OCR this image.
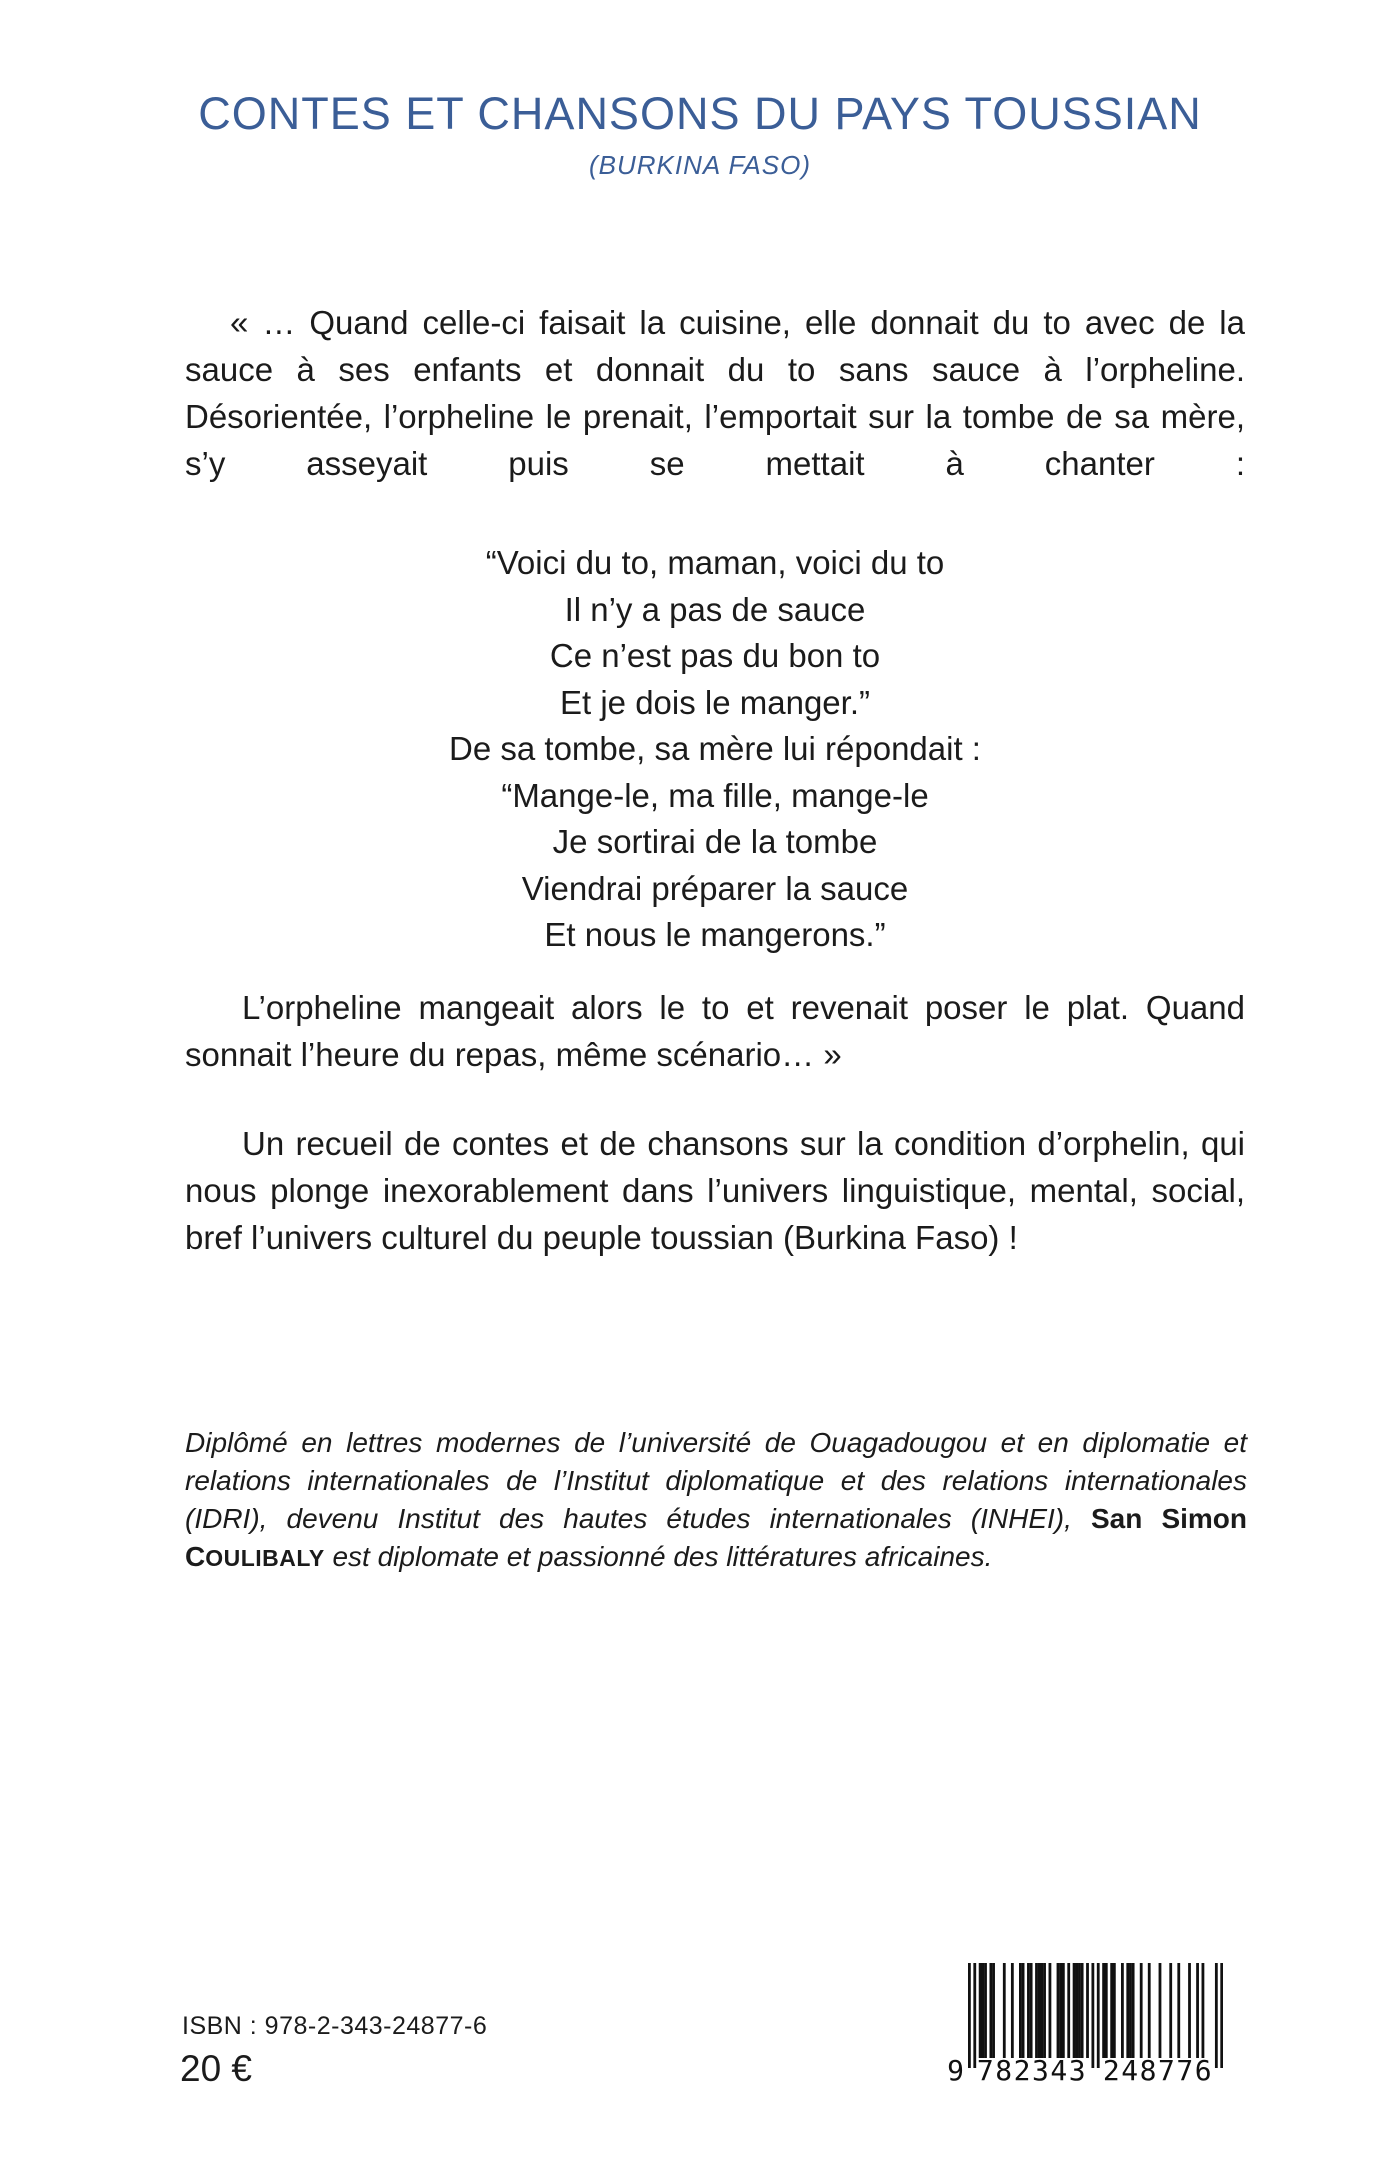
CONTES ET CHANSONS DU PAYS TOUSSIAN
(BURKINA FASO)

« … Quand celle-ci faisait la cuisine, elle donnait du to avec de la sauce à ses enfants et donnait du to sans sauce à l’orpheline. Désorientée, l’orpheline le prenait, l’emportait sur la tombe de sa mère, s’y asseyait puis se mettait à chanter :

“Voici du to, maman, voici du to
Il n’y a pas de sauce
Ce n’est pas du bon to
Et je dois le manger.”
De sa tombe, sa mère lui répondait :
“Mange-le, ma fille, mange-le
Je sortirai de la tombe
Viendrai préparer la sauce
Et nous le mangerons.”

L’orpheline mangeait alors le to et revenait poser le plat. Quand sonnait l’heure du repas, même scénario… »

Un recueil de contes et de chansons sur la condition d’orphelin, qui nous plonge inexorablement dans l’univers linguistique, mental, social, bref l’univers culturel du peuple toussian (Burkina Faso) !

Diplômé en lettres modernes de l’université de Ouagadougou et en diplomatie et relations internationales de l’Institut diplomatique et des relations internationales (IDRI), devenu Institut des hautes études internationales (INHEI), San Simon COULIBALY est diplomate et passionné des littératures africaines.

ISBN : 978-2-343-24877-6
20 €	9 782343 248776
